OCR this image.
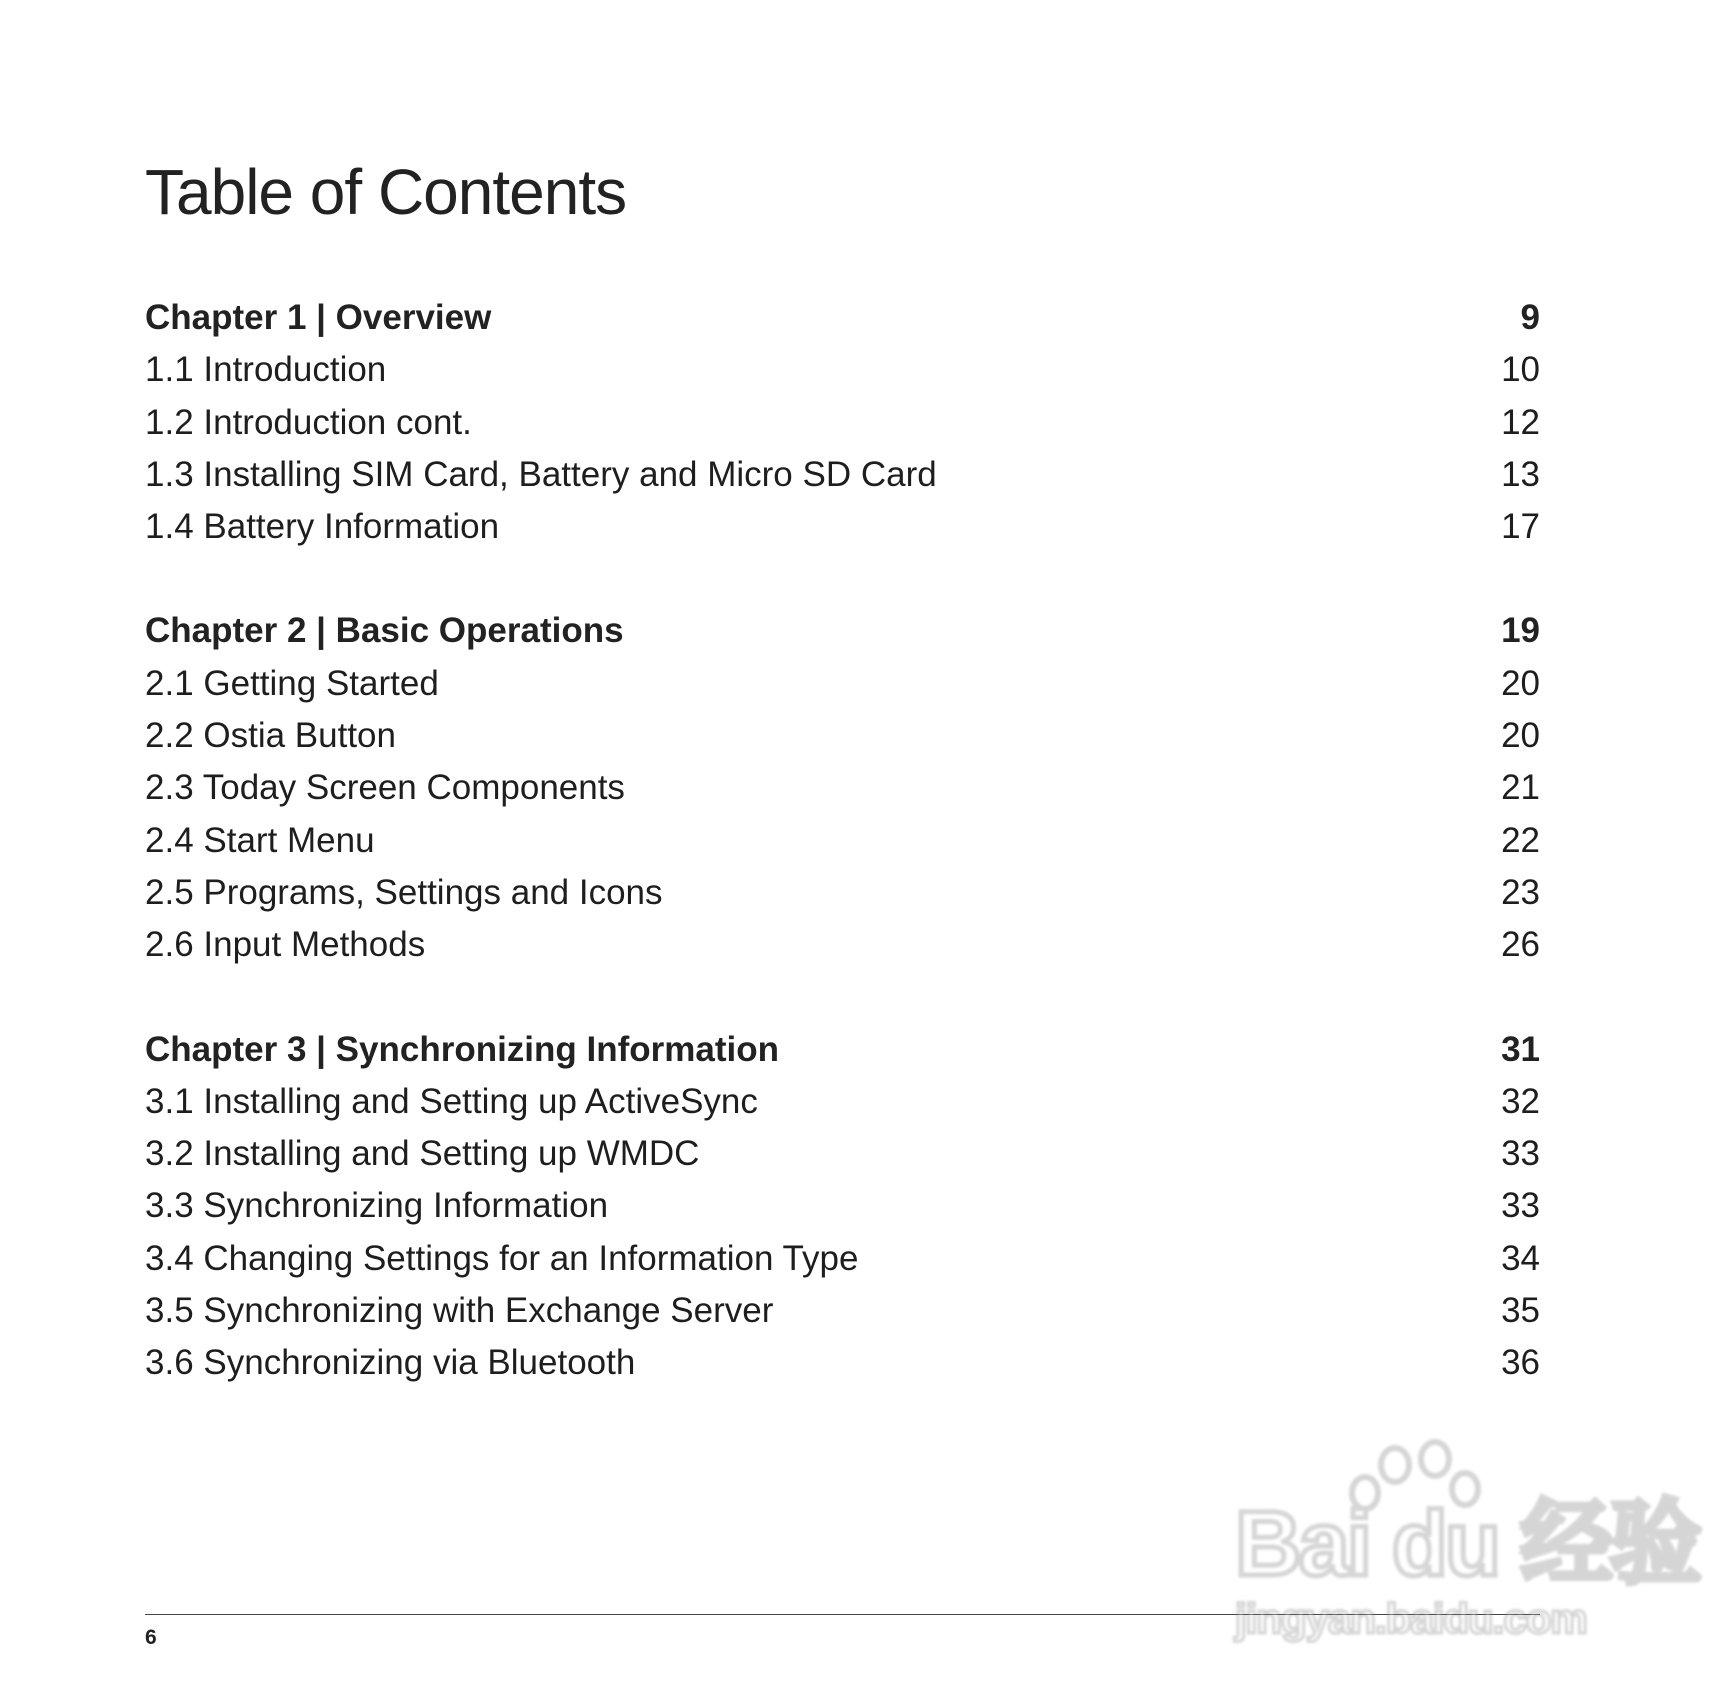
Table of Contents
Chapter 1 | Overview	9
1.1 Introduction	10
1.2 Introduction cont.	12
1.3 Installing SIM Card, Battery and Micro SD Card	13
1.4 Battery Information	17
Chapter 2 | Basic Operations	19
2.1 Getting Started	20
2.2 Ostia Button	20
2.3 Today Screen Components	21
2.4 Start Menu	22
2.5 Programs, Settings and Icons	23
2.6 Input Methods	26
Chapter 3 | Synchronizing Information	31
3.1 Installing and Setting up ActiveSync	32
3.2 Installing and Setting up WMDC	33
3.3 Synchronizing Information	33
3.4 Changing Settings for an Information Type	34
3.5 Synchronizing with Exchange Server	35
3.6 Synchronizing via Bluetooth	36
6
Bai du 经验
jingyan.baidu.com
